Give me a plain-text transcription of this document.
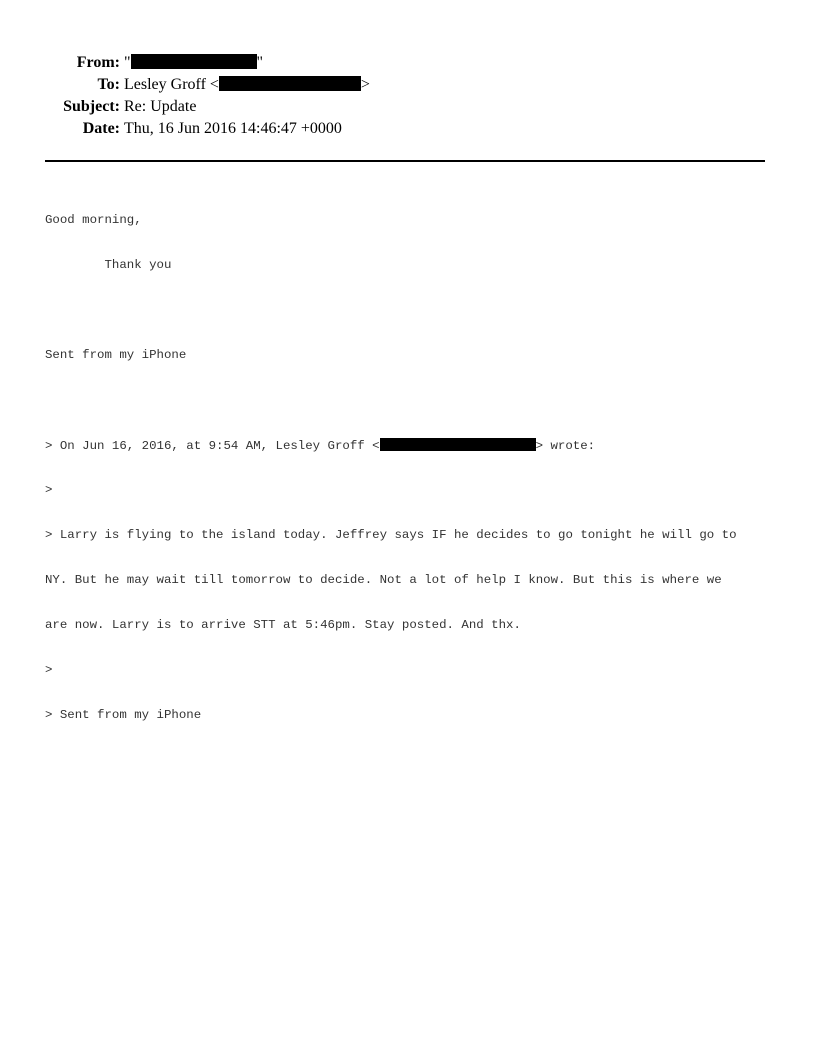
From: "	"
To: Lesley Groff <	>
Subject: Re: Update
Date: Thu, 16 Jun 2016 14:46:47 +0000

Good morning,

Thank you

Sent from my iPhone

> On Jun 16, 2016, at 9:54 AM, Lesley Groff <	> wrote:

>

> Larry is flying to the island today. Jeffrey says IF he decides to go tonight he will go to

NY. But he may wait till tomorrow to decide. Not a lot of help I know. But this is where we

are now. Larry is to arrive STT at 5:46pm. Stay posted. And thx.

>

> Sent from my iPhone
